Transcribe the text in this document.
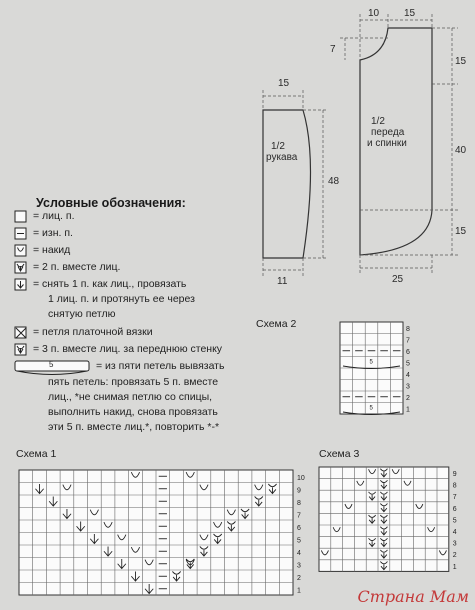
15
1/2
рукава
48
11
10 15
7
15
1/2
переда
и спинки
40
15
25
Условные обозначения:
= лиц. п.
= изн. п.
= накид
= 2 п. вместе лиц.
= снять 1 п. как лиц., провязать
1 лиц. п. и протянуть ее через
снятую петлю
= петля платочной вязки
= 3 п. вместе лиц. за переднюю стенку
5	= из пяти петель вывязать
пять петель: провязать 5 п. вместе
лиц., *не снимая петлю со спицы,
выполнить накид, снова провязать
эти 5 п. вместе лиц.*, повторить *-*
Схема 2
Схема 1	Схема 3
10
9
8
7
6
5
4
3
2
1
8
7
6
5
4
3
2
1
5
5
9
8
7
6
5
4
3
2
1
Страна Мам
